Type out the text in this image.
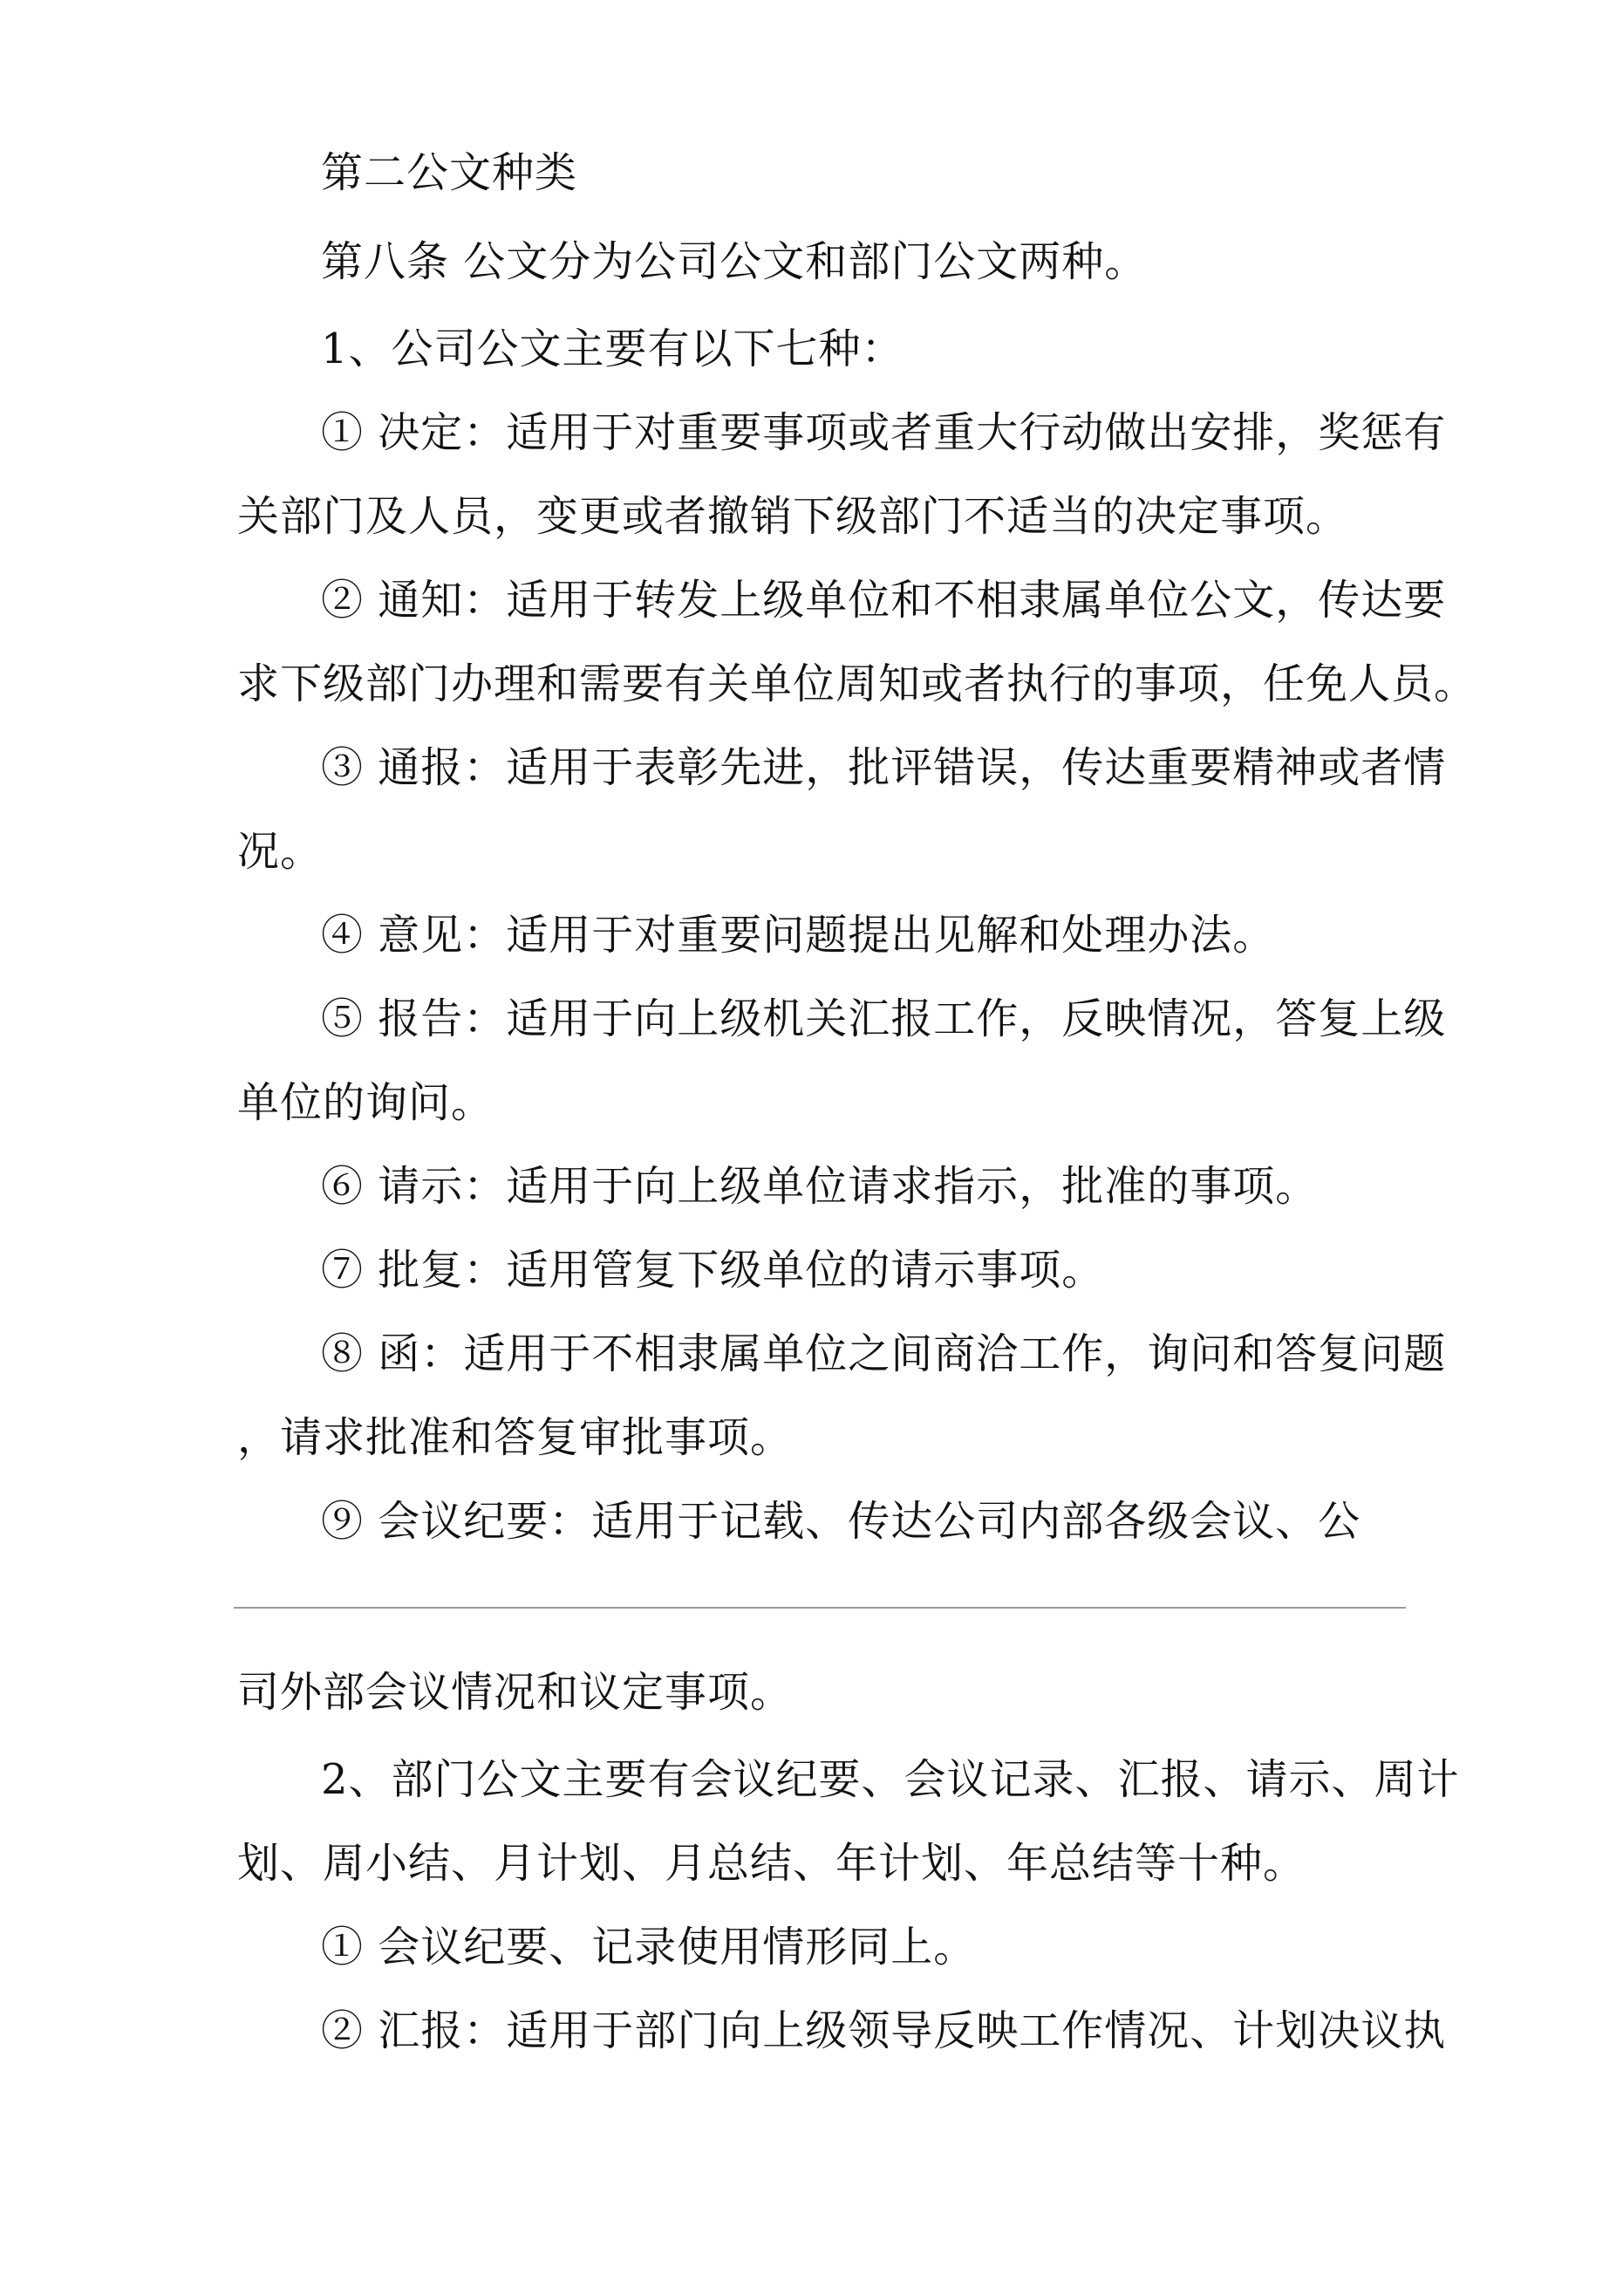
第二公文种类
第八条 公文分为公司公文和部门公文两种。
1、公司公文主要有以下七种：
① 决定：适用于对重要事项或者重大行动做出安排，奖惩有
关部门及人员，变更或者撤销下级部门不适当的决定事项。
② 通知：适用于转发上级单位和不相隶属单位公文，传达要
求下级部门办理和需要有关单位周知或者执行的事项，任免人员。
③ 通报：适用于表彰先进，批评错误，传达重要精神或者情
况。
④ 意见：适用于对重要问题提出见解和处理办法。
⑤ 报告：适用于向上级机关汇报工作，反映情况，答复上级
单位的询问。
⑥ 请示：适用于向上级单位请求指示，批准的事项。
⑦ 批复：适用管复下级单位的请示事项。
⑧ 函：适用于不相隶属单位之间商洽工作，询问和答复问题
，请求批准和答复审批事项。
⑨ 会议纪要：适用于记载、传达公司内部各级会议、公
司外部会议情况和议定事项。
2、部门公文主要有会议纪要、会议记录、汇报、请示、周计
划、周小结、月计划、月总结、年计划、年总结等十种。
① 会议纪要、记录使用情形同上。
② 汇报：适用于部门向上级领导反映工作情况、计划决议执
